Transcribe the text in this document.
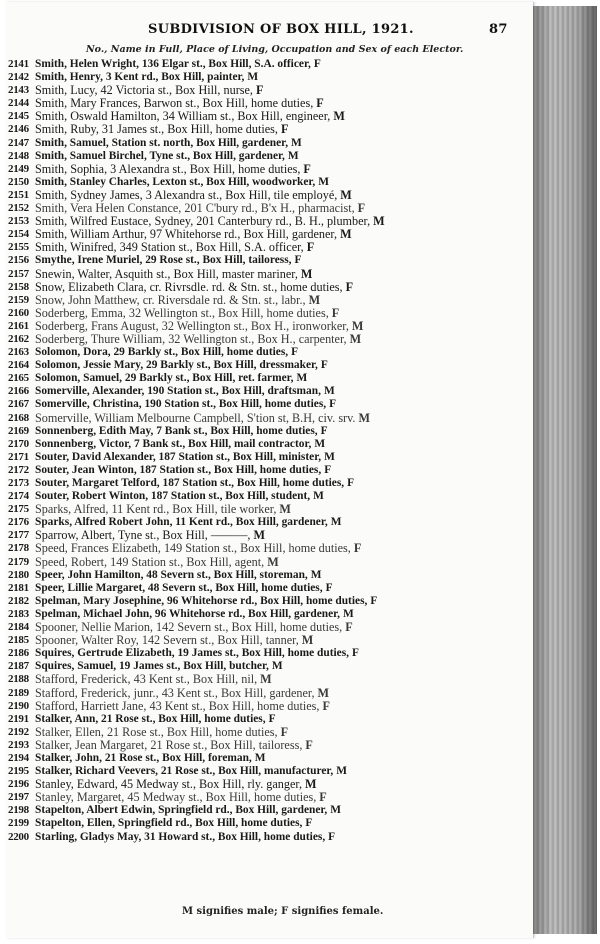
SUBDIVISION OF BOX HILL, 1921.	87
No., Name in Full, Place of Living, Occupation and Sex of each Elector.
2141 Smith, Helen Wright, 136 Elgar st., Box Hill, S.A. officer, F
2142 Smith, Henry, 3 Kent rd., Box Hill, painter, M
2143 Smith, Lucy, 42 Victoria st., Box Hill, nurse, F
2144 Smith, Mary Frances, Barwon st., Box Hill, home duties, F
2145 Smith, Oswald Hamilton, 34 William st., Box Hill, engineer, M
2146 Smith, Ruby, 31 James st., Box Hill, home duties, F
2147 Smith, Samuel, Station st. north, Box Hill, gardener, M
2148 Smith, Samuel Birchel, Tyne st., Box Hill, gardener, M
2149 Smith, Sophia, 3 Alexandra st., Box Hill, home duties, F
2150 Smith, Stanley Charles, Lexton st., Box Hill, woodworker, M
2151 Smith, Sydney James, 3 Alexandra st., Box Hill, tile employé, M
2152 Smith, Vera Helen Constance, 201 C'bury rd., B'x H., pharmacist, F
2153 Smith, Wilfred Eustace, Sydney, 201 Canterbury rd., B. H., plumber, M
2154 Smith, William Arthur, 97 Whitehorse rd., Box Hill, gardener, M
2155 Smith, Winifred, 349 Station st., Box Hill, S.A. officer, F
2156 Smythe, Irene Muriel, 29 Rose st., Box Hill, tailoress, F
2157 Snewin, Walter, Asquith st., Box Hill, master mariner, M
2158 Snow, Elizabeth Clara, cr. Rivrsdle. rd. & Stn. st., home duties, F
2159 Snow, John Matthew, cr. Riversdale rd. & Stn. st., labr., M
2160 Soderberg, Emma, 32 Wellington st., Box Hill, home duties, F
2161 Soderberg, Frans August, 32 Wellington st., Box H., ironworker, M
2162 Soderberg, Thure William, 32 Wellington st., Box H., carpenter, M
2163 Solomon, Dora, 29 Barkly st., Box Hill, home duties, F
2164 Solomon, Jessie Mary, 29 Barkly st., Box Hill, dressmaker, F
2165 Solomon, Samuel, 29 Barkly st., Box Hill, ret. farmer, M
2166 Somerville, Alexander, 190 Station st., Box Hill, draftsman, M
2167 Somerville, Christina, 190 Station st., Box Hill, home duties, F
2168 Somerville, William Melbourne Campbell, S'tion st, B.H, civ. srv. M
2169 Sonnenberg, Edith May, 7 Bank st., Box Hill, home duties, F
2170 Sonnenberg, Victor, 7 Bank st., Box Hill, mail contractor, M
2171 Souter, David Alexander, 187 Station st., Box Hill, minister, M
2172 Souter, Jean Winton, 187 Station st., Box Hill, home duties, F
2173 Souter, Margaret Telford, 187 Station st., Box Hill, home duties, F
2174 Souter, Robert Winton, 187 Station st., Box Hill, student, M
2175 Sparks, Alfred, 11 Kent rd., Box Hill, tile worker, M
2176 Sparks, Alfred Robert John, 11 Kent rd., Box Hill, gardener, M
2177 Sparrow, Albert, Tyne st., Box Hill, ———, M
2178 Speed, Frances Elizabeth, 149 Station st., Box Hill, home duties, F
2179 Speed, Robert, 149 Station st., Box Hill, agent, M
2180 Speer, John Hamilton, 48 Severn st., Box Hill, storeman, M
2181 Speer, Lillie Margaret, 48 Severn st., Box Hill, home duties, F
2182 Spelman, Mary Josephine, 96 Whitehorse rd., Box Hill, home duties, F
2183 Spelman, Michael John, 96 Whitehorse rd., Box Hill, gardener, M
2184 Spooner, Nellie Marion, 142 Severn st., Box Hill, home duties, F
2185 Spooner, Walter Roy, 142 Severn st., Box Hill, tanner, M
2186 Squires, Gertrude Elizabeth, 19 James st., Box Hill, home duties, F
2187 Squires, Samuel, 19 James st., Box Hill, butcher, M
2188 Stafford, Frederick, 43 Kent st., Box Hill, nil, M
2189 Stafford, Frederick, junr., 43 Kent st., Box Hill, gardener, M
2190 Stafford, Harriett Jane, 43 Kent st., Box Hill, home duties, F
2191 Stalker, Ann, 21 Rose st., Box Hill, home duties, F
2192 Stalker, Ellen, 21 Rose st., Box Hill, home duties, F
2193 Stalker, Jean Margaret, 21 Rose st., Box Hill, tailoress, F
2194 Stalker, John, 21 Rose st., Box Hill, foreman, M
2195 Stalker, Richard Veevers, 21 Rose st., Box Hill, manufacturer, M
2196 Stanley, Edward, 45 Medway st., Box Hill, rly. ganger, M
2197 Stanley, Margaret, 45 Medway st., Box Hill, home duties, F
2198 Stapelton, Albert Edwin, Springfield rd., Box Hill, gardener, M
2199 Stapelton, Ellen, Springfield rd., Box Hill, home duties, F
2200 Starling, Gladys May, 31 Howard st., Box Hill, home duties, F
M signifies male; F signifies female.
